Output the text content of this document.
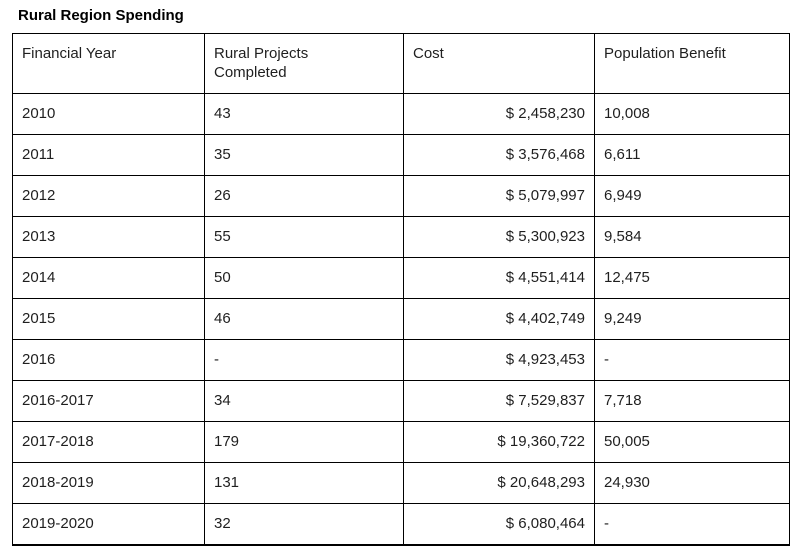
Rural Region Spending
Financial Year	Rural Projects Completed	Cost	Population Benefit
2010	43	$ 2,458,230	10,008
2011	35	$ 3,576,468	6,611
2012	26	$ 5,079,997	6,949
2013	55	$ 5,300,923	9,584
2014	50	$ 4,551,414	12,475
2015	46	$ 4,402,749	9,249
2016	-	$ 4,923,453	-
2016-2017	34	$ 7,529,837	7,718
2017-2018	179	$ 19,360,722	50,005
2018-2019	131	$ 20,648,293	24,930
2019-2020	32	$ 6,080,464	-
